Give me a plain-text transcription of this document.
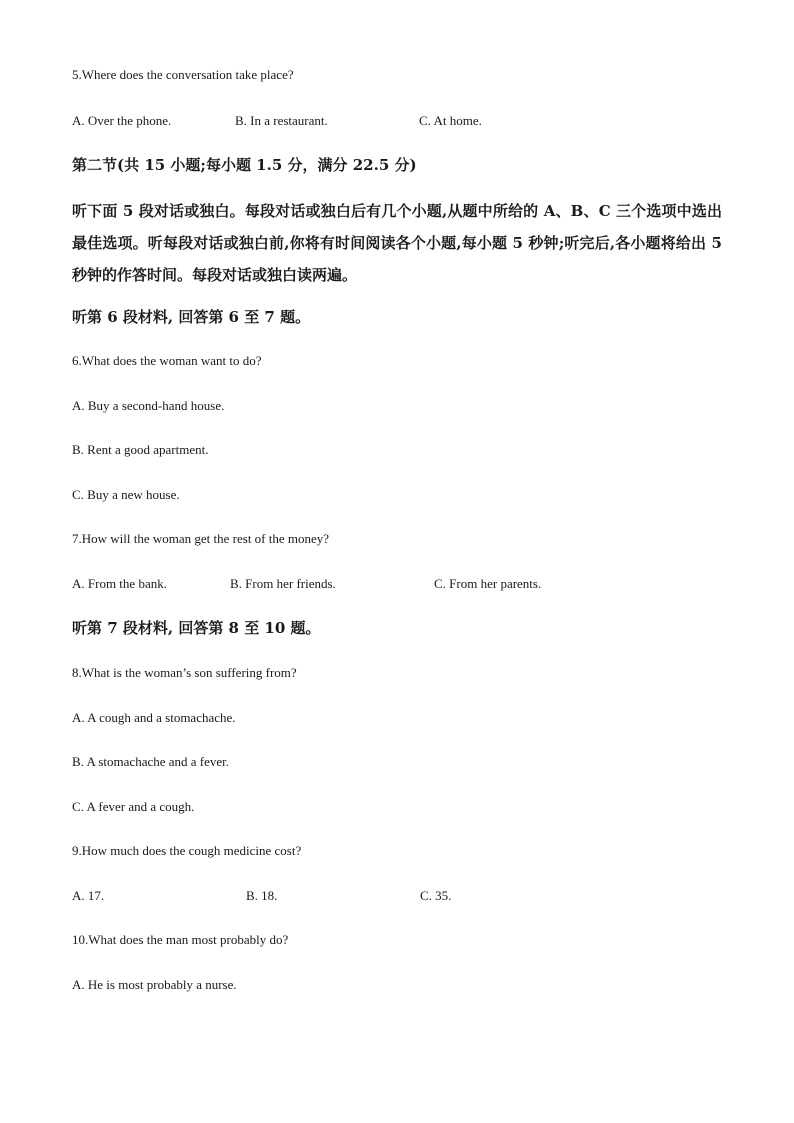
5.Where does the conversation take place?
A. Over the phone.	B. In a restaurant.	C. At home.
第二节(共 15 小题;每小题 1.5 分，满分 22.5 分)
听下面 5 段对话或独白。每段对话或独白后有几个小题,从题中所给的 A、B、C 三个选项中选出最佳选项。听每段对话或独白前,你将有时间阅读各个小题,每小题 5 秒钟;听完后,各小题将给出 5 秒钟的作答时间。每段对话或独白读两遍。
听第 6 段材料, 回答第 6 至 7 题。
6.What does the woman want to do?
A. Buy a second-hand house.
B. Rent a good apartment.
C. Buy a new house.
7.How will the woman get the rest of the money?
A. From the bank.	B. From her friends.	C. From her parents.
听第 7 段材料, 回答第 8 至 10 题。
8.What is the woman’s son suffering from?
A. A cough and a stomachache.
B. A stomachache and a fever.
C. A fever and a cough.
9.How much does the cough medicine cost?
A. 17.	B. 18.	C. 35.
10.What does the man most probably do?
A. He is most probably a nurse.
